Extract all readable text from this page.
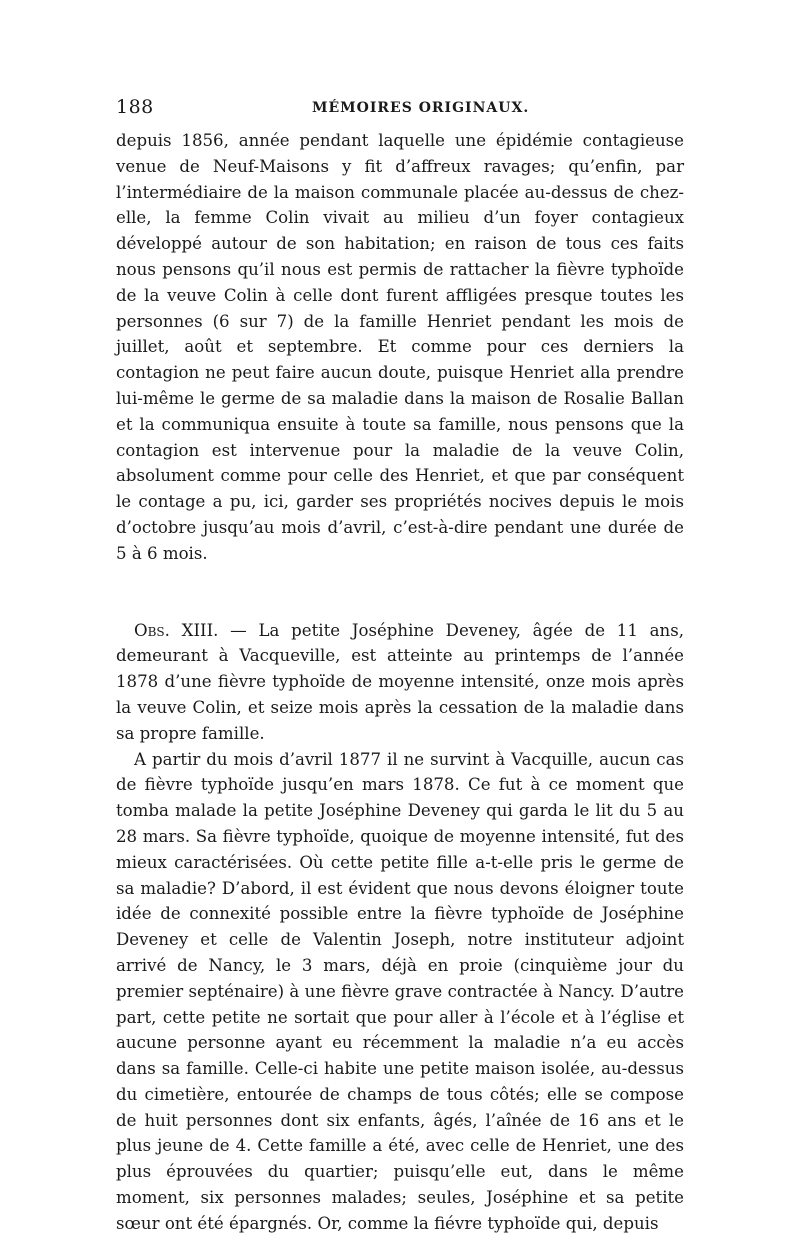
188	MÉMOIRES ORIGINAUX.

depuis 1856, année pendant laquelle une épidémie contagieuse venue de Neuf-Maisons y fit d’affreux ravages; qu’enfin, par l’intermédiaire de la maison communale placée au-dessus de chez-elle, la femme Colin vivait au milieu d’un foyer contagieux développé autour de son habitation; en raison de tous ces faits nous pensons qu’il nous est permis de rattacher la fièvre typhoïde de la veuve Colin à celle dont furent affligées presque toutes les personnes (6 sur 7) de la famille Henriet pendant les mois de juillet, août et septembre. Et comme pour ces derniers la contagion ne peut faire aucun doute, puisque Henriet alla prendre lui-même le germe de sa maladie dans la maison de Rosalie Ballan et la communiqua ensuite à toute sa famille, nous pensons que la contagion est intervenue pour la maladie de la veuve Colin, absolument comme pour celle des Henriet, et que par conséquent le contage a pu, ici, garder ses propriétés nocives depuis le mois d’octobre jusqu’au mois d’avril, c’est-à-dire pendant une durée de 5 à 6 mois.

Obs. XIII. — La petite Joséphine Deveney, âgée de 11 ans, demeurant à Vacqueville, est atteinte au printemps de l’année 1878 d’une fièvre typhoïde de moyenne intensité, onze mois après la veuve Colin, et seize mois après la cessation de la maladie dans sa propre famille.

A partir du mois d’avril 1877 il ne survint à Vacquille, aucun cas de fièvre typhoïde jusqu’en mars 1878. Ce fut à ce moment que tomba malade la petite Joséphine Deveney qui garda le lit du 5 au 28 mars. Sa fièvre typhoïde, quoique de moyenne intensité, fut des mieux caractérisées. Où cette petite fille a-t-elle pris le germe de sa maladie? D’abord, il est évident que nous devons éloigner toute idée de connexité possible entre la fièvre typhoïde de Joséphine Deveney et celle de Valentin Joseph, notre instituteur adjoint arrivé de Nancy, le 3 mars, déjà en proie (cinquième jour du premier septénaire) à une fièvre grave contractée à Nancy. D’autre part, cette petite ne sortait que pour aller à l’école et à l’église et aucune personne ayant eu récemment la maladie n’a eu accès dans sa famille. Celle-ci habite une petite maison isolée, au-dessus du cimetière, entourée de champs de tous côtés; elle se compose de huit personnes dont six enfants, âgés, l’aînée de 16 ans et le plus jeune de 4. Cette famille a été, avec celle de Henriet, une des plus éprouvées du quartier; puisqu’elle eut, dans le même moment, six personnes malades; seules, Joséphine et sa petite sœur ont été épargnés. Or, comme la fiévre typhoïde qui, depuis
